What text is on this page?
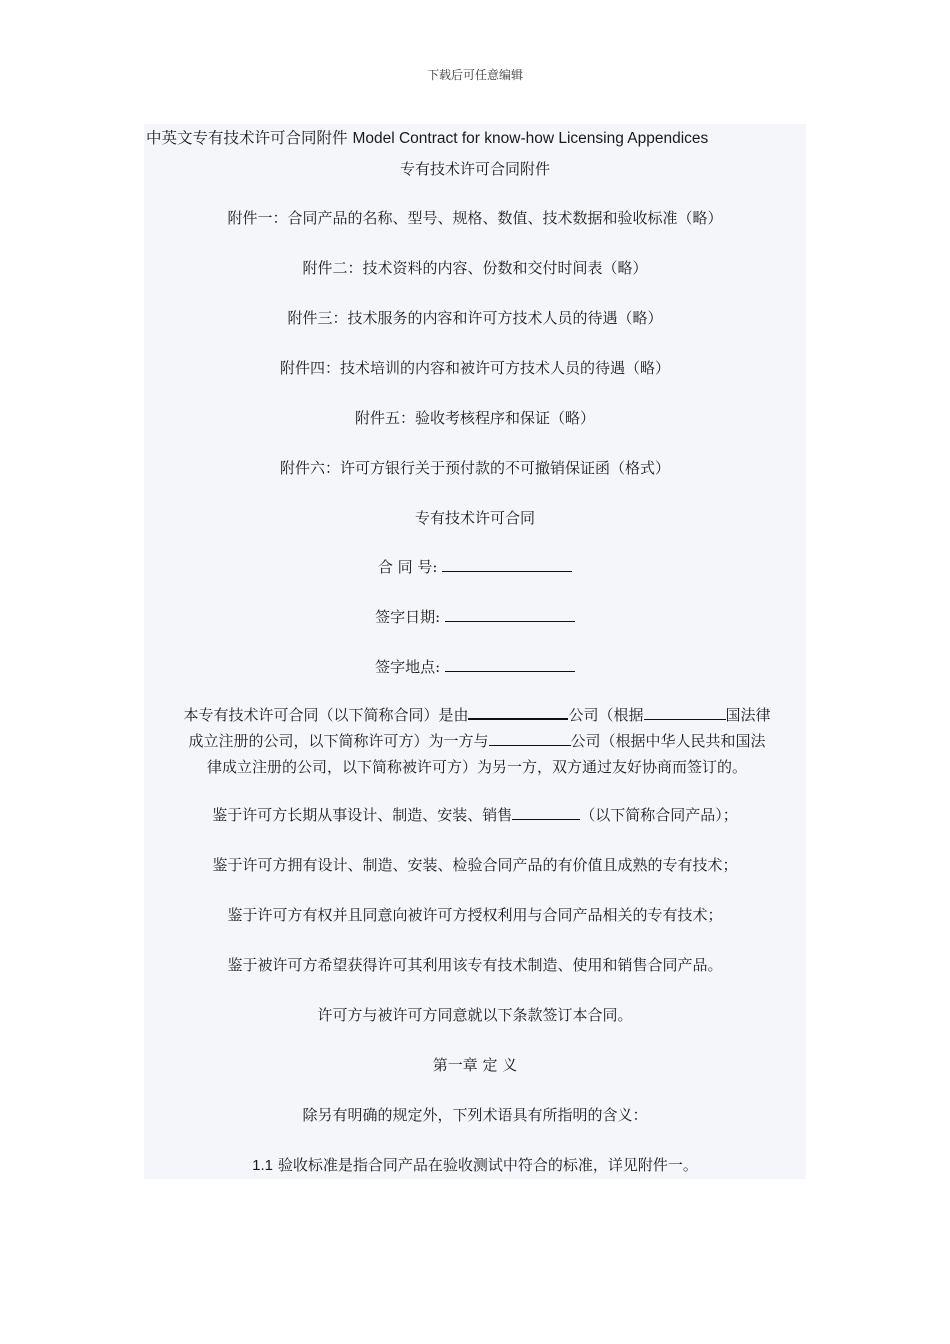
下载后可任意编辑
中英文专有技术许可合同附件 Model Contract for know-how Licensing Appendices
专有技术许可合同附件
附件一：合同产品的名称、型号、规格、数值、技术数据和验收标准（略）
附件二：技术资料的内容、份数和交付时间表（略）
附件三：技术服务的内容和许可方技术人员的待遇（略）
附件四：技术培训的内容和被许可方技术人员的待遇（略）
附件五：验收考核程序和保证（略）
附件六：许可方银行关于预付款的不可撤销保证函（格式）
专有技术许可合同
合 同 号:
签字日期:
签字地点:
本专有技术许可合同（以下简称合同）是由	公司（根据	国法律
成立注册的公司，以下简称许可方）为一方与	公司（根据中华人民共和国法
律成立注册的公司，以下简称被许可方）为另一方，双方通过友好协商而签订的。
鉴于许可方长期从事设计、制造、安装、销售	（以下简称合同产品）；
鉴于许可方拥有设计、制造、安装、检验合同产品的有价值且成熟的专有技术；
鉴于许可方有权并且同意向被许可方授权利用与合同产品相关的专有技术；
鉴于被许可方希望获得许可其利用该专有技术制造、使用和销售合同产品。
许可方与被许可方同意就以下条款签订本合同。
第一章 定 义
除另有明确的规定外，下列术语具有所指明的含义：
1.1 验收标准是指合同产品在验收测试中符合的标准，详见附件一。
